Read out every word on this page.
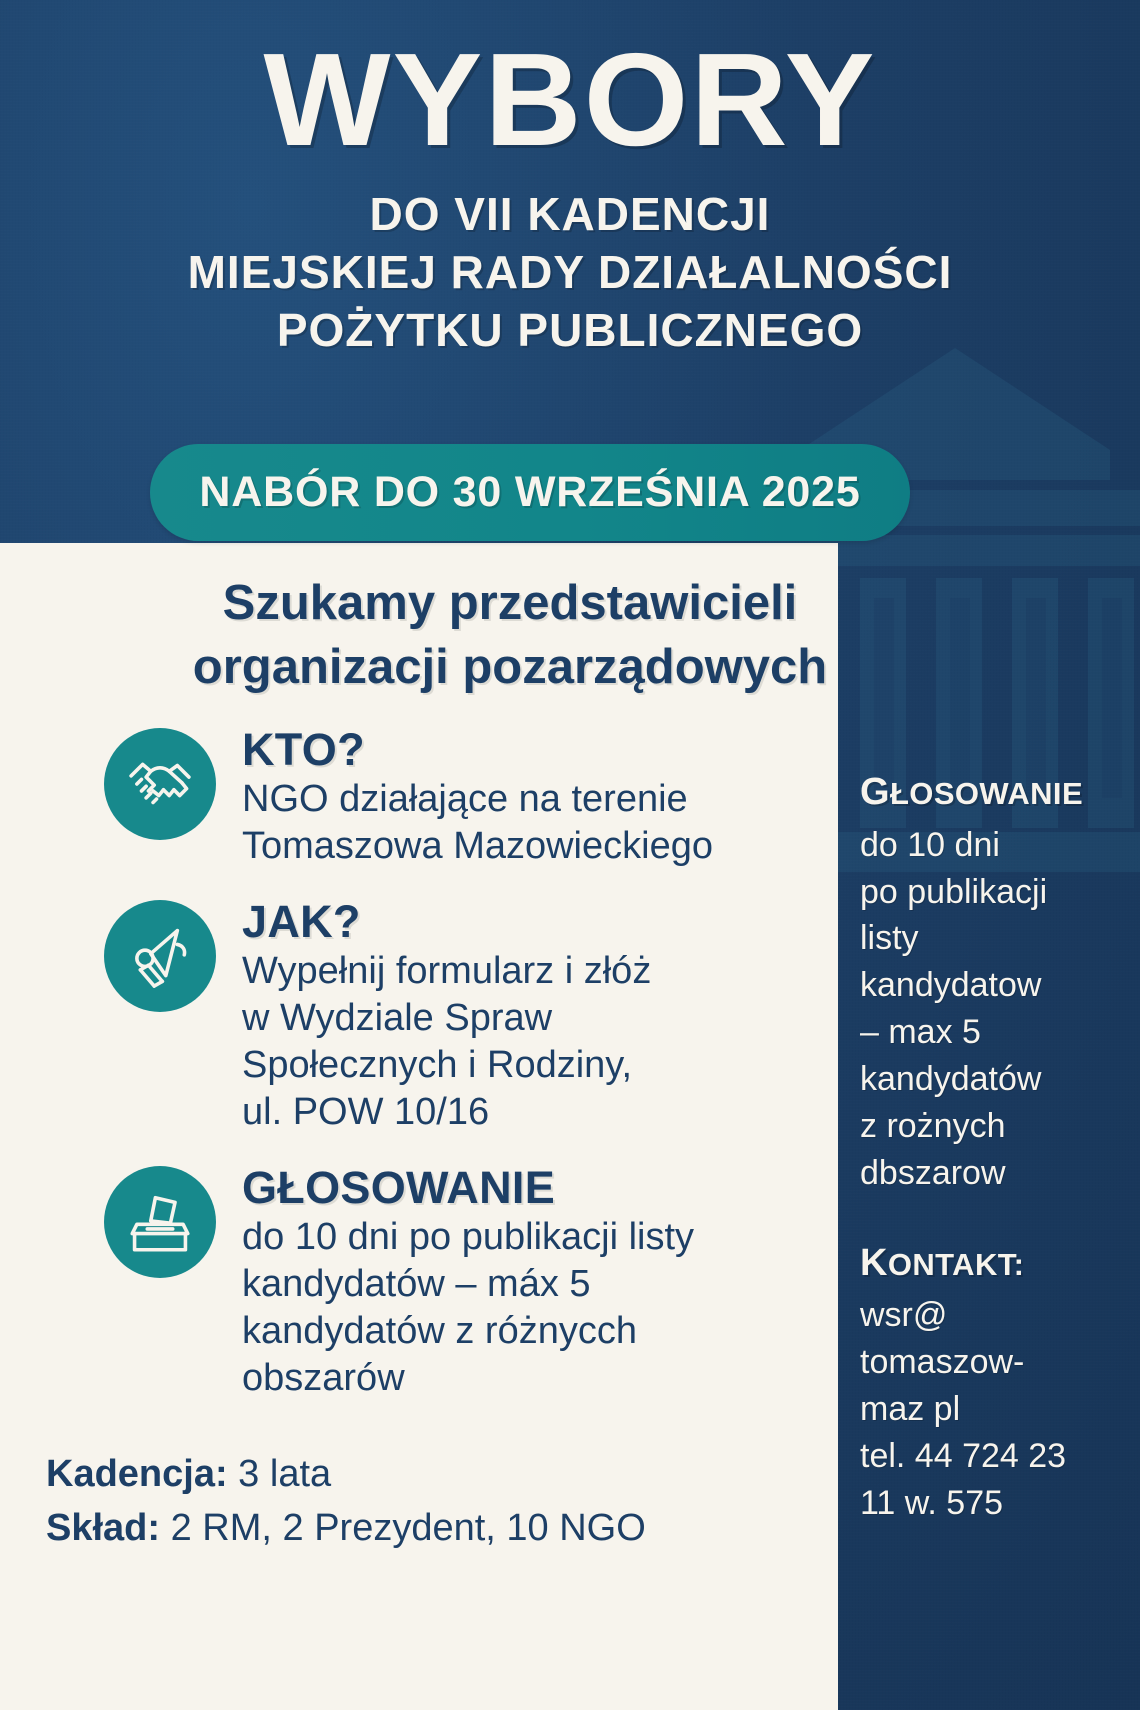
WYBORY
DO VII KADENCJI
MIEJSKIEJ RADY DZIAŁALNOŚCI
POŻYTKU PUBLICZNEGO
NABÓR DO 30 WRZEŚNIA 2025
Szukamy przedstawicieli
organizacji pozarządowych
KTO?
NGO działające na terenie
Tomaszowa Mazowieckiego
JAK?
Wypełnij formularz i złóż
w Wydziale Spraw
Społecznych i Rodziny,
ul. POW 10/16
GŁOSOWANIE
do 10 dni po publikacji listy
kandydatów – máx 5
kandydatów z różnycch
obszarów
Kadencja: 3 lata
Skład: 2 RM, 2 Prezydent, 10 NGO
GŁOSOWANIE
do 10 dni
po publikacji
listy
kandydatow
– max 5
kandydatów
z rożnych
dbszarow
KONTAKT:
wsr@
tomaszow-
maz pl
tel. 44 724 23
11 w. 575
